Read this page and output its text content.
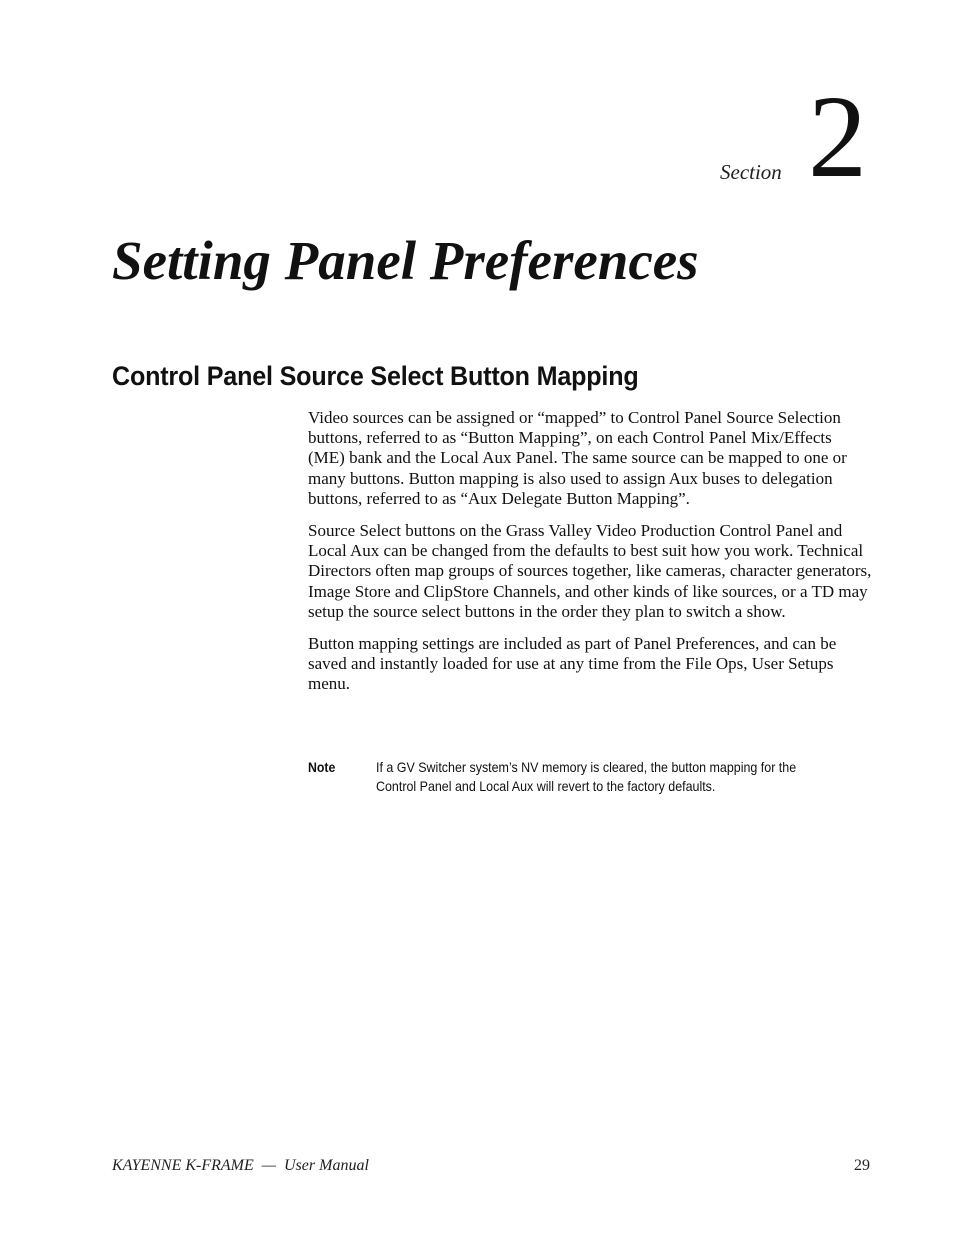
Section 2
Setting Panel Preferences
Control Panel Source Select Button Mapping

Video sources can be assigned or “mapped” to Control Panel Source Selection buttons, referred to as “Button Mapping”, on each Control Panel Mix/Effects (ME) bank and the Local Aux Panel. The same source can be mapped to one or many buttons. Button mapping is also used to assign Aux buses to delegation buttons, referred to as “Aux Delegate Button Mapping”.

Source Select buttons on the Grass Valley Video Production Control Panel and Local Aux can be changed from the defaults to best suit how you work. Technical Directors often map groups of sources together, like cameras, character generators, Image Store and ClipStore Channels, and other kinds of like sources, or a TD may setup the source select buttons in the order they plan to switch a show.

Button mapping settings are included as part of Panel Preferences, and can be saved and instantly loaded for use at any time from the File Ops, User Setups menu.

Note	If a GV Switcher system’s NV memory is cleared, the button mapping for the Control Panel and Local Aux will revert to the factory defaults.
KAYENNE K-FRAME  —  User Manual	29
